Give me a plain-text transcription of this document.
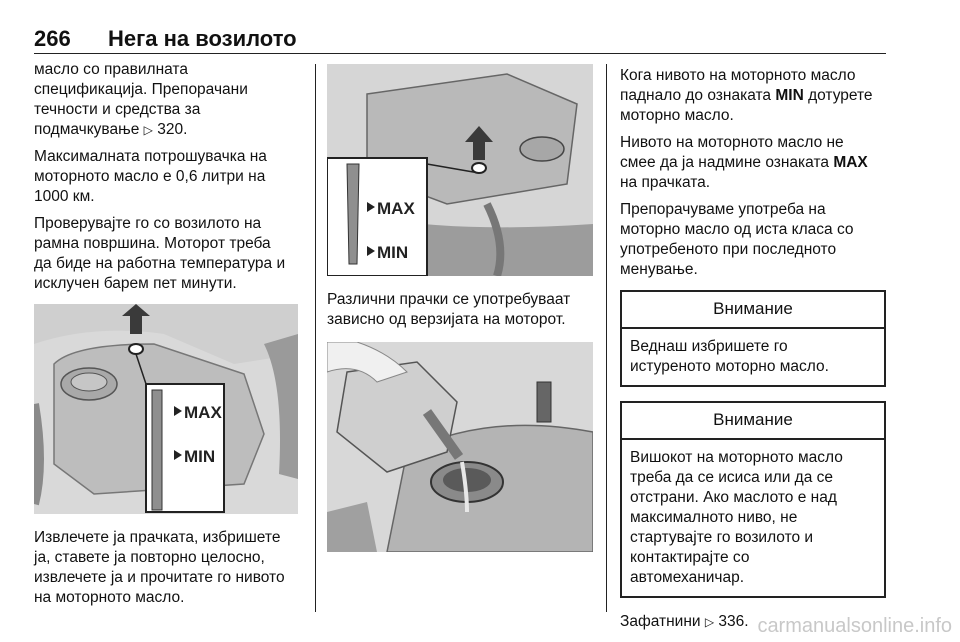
266 Нега на возилото

масло со правилната
спецификација. Препорачани
течности и средства за
подмачкување ▷ 320.

Максималната потрошувачка на
моторното масло е 0,6 литри на
1000 км.

Проверувајте го со возилото на
рамна површина. Моторот треба
да биде на работна температура и
исклучен барем пет минути.

MAX
MIN

Извлечете ја прачката, избришете
ја, ставете ја повторно целосно,
извлечете ја и прочитате го нивото
на моторното масло.

MAX
MIN

Различни прачки се употребуваат
зависно од верзијата на моторот.

Кога нивото на моторното масло
паднало до ознаката MIN дотурете
моторно масло.

Нивото на моторното масло не
смее да ја надмине ознаката MAX
на прачката.

Препорачуваме употреба на
моторно масло од иста класа со
употребеното при последното
менување.

Внимание
Веднаш избришете го
истуреното моторно масло.
Внимание
Вишокот на моторното масло
треба да се исиса или да се
отстрани. Ако маслото е над
максималното ниво, не
стартувајте го возилото и
контактирајте со
автомеханичар.

Зафатнини ▷ 336. carmanualsonline.info
